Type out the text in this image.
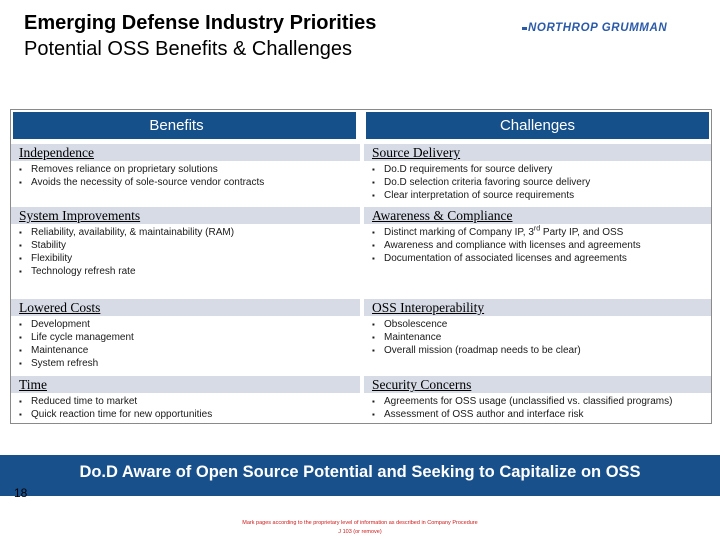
Emerging Defense Industry Priorities
Potential OSS Benefits & Challenges
NORTHROP GRUMMAN
Benefits
Independence
▪ Removes reliance on proprietary solutions
▪ Avoids the necessity of sole-source vendor contracts
System Improvements
▪ Reliability, availability, & maintainability (RAM)
▪ Stability
▪ Flexibility
▪ Technology refresh rate
Lowered Costs
▪ Development
▪ Life cycle management
▪ Maintenance
▪ System refresh
Time
▪ Reduced time to market
▪ Quick reaction time for new opportunities
Challenges
Source Delivery
▪ Do.D requirements for source delivery
▪ Do.D selection criteria favoring source delivery
▪ Clear interpretation of source requirements
Awareness & Compliance
▪ Distinct marking of Company IP, 3rd Party IP, and OSS
▪ Awareness and compliance with licenses and agreements
▪ Documentation of associated licenses and agreements
OSS Interoperability
▪ Obsolescence
▪ Maintenance
▪ Overall mission (roadmap needs to be clear)
Security Concerns
▪ Agreements for OSS usage (unclassified vs. classified programs)
▪ Assessment of OSS author and interface risk
Do.D Aware of Open Source Potential and Seeking to Capitalize on OSS
18
Mark pages according to the proprietary level of information as described in Company Procedure
J 103 (or remove)
